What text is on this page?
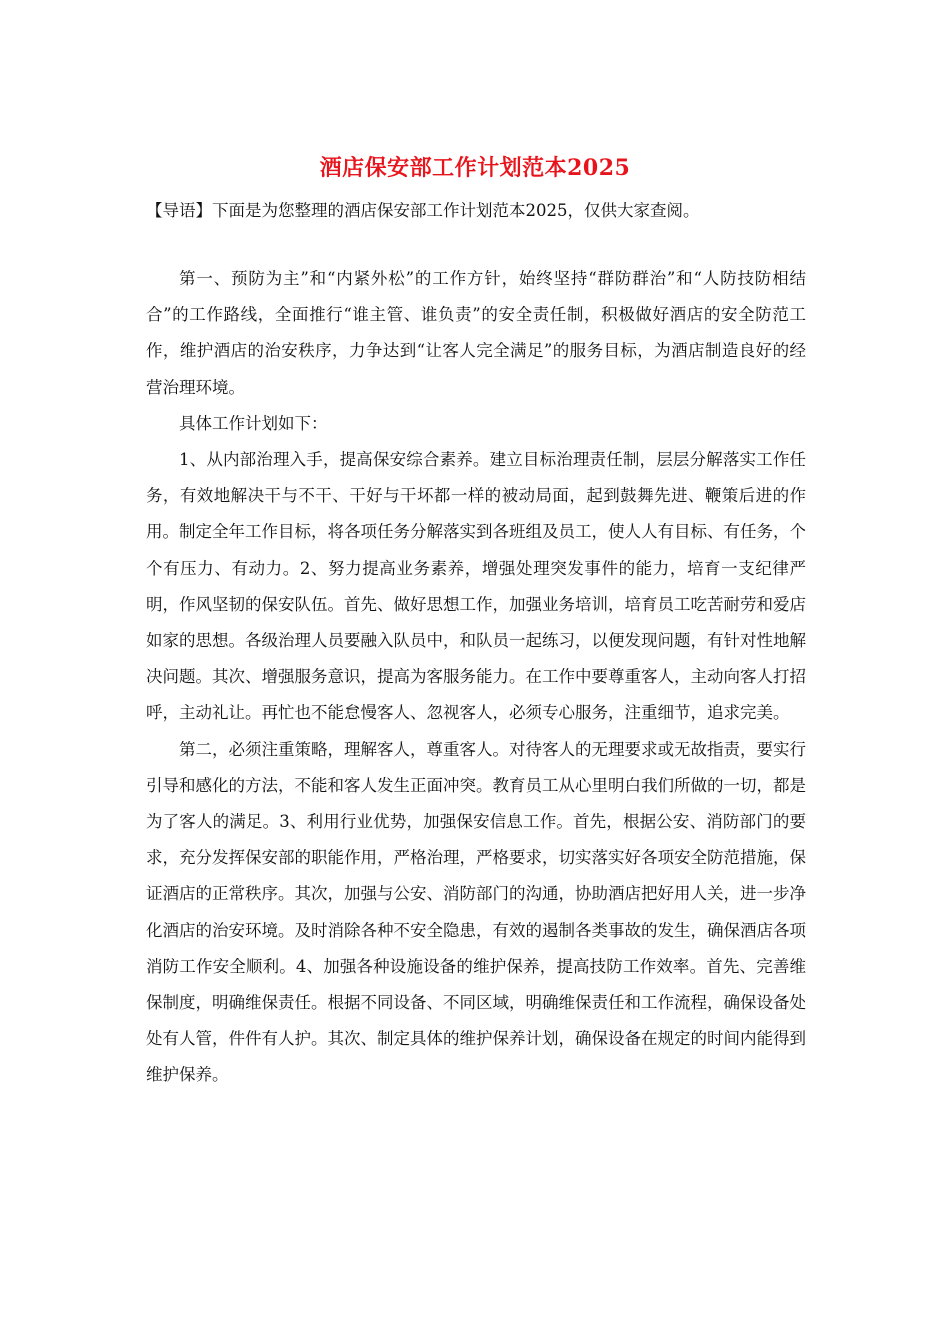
酒店保安部工作计划范本2025
【导语】下面是为您整理的酒店保安部工作计划范本2025，仅供大家查阅。

第一、预防为主”和“内紧外松”的工作方针，始终坚持“群防群治”和“人防技防相结合”的工作路线，全面推行“谁主管、谁负责”的安全责任制，积极做好酒店的安全防范工作，维护酒店的治安秩序，力争达到“让客人完全满足”的服务目标，为酒店制造良好的经营治理环境。

具体工作计划如下：

1、从内部治理入手，提高保安综合素养。建立目标治理责任制，层层分解落实工作任务，有效地解决干与不干、干好与干坏都一样的被动局面，起到鼓舞先进、鞭策后进的作用。制定全年工作目标，将各项任务分解落实到各班组及员工，使人人有目标、有任务，个个有压力、有动力。2、努力提高业务素养，增强处理突发事件的能力，培育一支纪律严明，作风坚韧的保安队伍。首先、做好思想工作，加强业务培训，培育员工吃苦耐劳和爱店如家的思想。各级治理人员要融入队员中，和队员一起练习，以便发现问题，有针对性地解决问题。其次、增强服务意识，提高为客服务能力。在工作中要尊重客人，主动向客人打招呼，主动礼让。再忙也不能怠慢客人、忽视客人，必须专心服务，注重细节，追求完美。

第二，必须注重策略，理解客人，尊重客人。对待客人的无理要求或无故指责，要实行引导和感化的方法，不能和客人发生正面冲突。教育员工从心里明白我们所做的一切，都是为了客人的满足。3、利用行业优势，加强保安信息工作。首先，根据公安、消防部门的要求，充分发挥保安部的职能作用，严格治理，严格要求，切实落实好各项安全防范措施，保证酒店的正常秩序。其次，加强与公安、消防部门的沟通，协助酒店把好用人关，进一步净化酒店的治安环境。及时消除各种不安全隐患，有效的遏制各类事故的发生，确保酒店各项消防工作安全顺利。4、加强各种设施设备的维护保养，提高技防工作效率。首先、完善维保制度，明确维保责任。根据不同设备、不同区域，明确维保责任和工作流程，确保设备处处有人管，件件有人护。其次、制定具体的维护保养计划，确保设备在规定的时间内能得到维护保养。
